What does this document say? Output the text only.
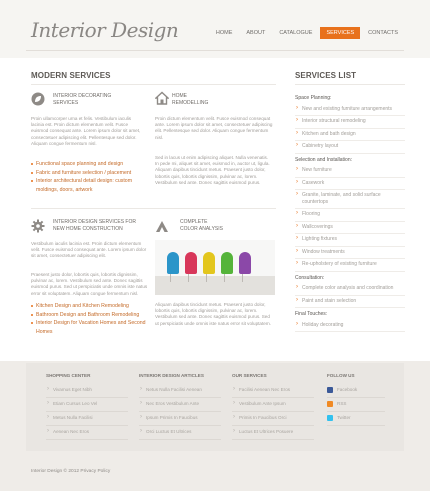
Interior Design	HOME	ABOUT	CATALOGUE	SERVICES	CONTACTS
MODERN SERVICES
INTERIOR DECORATING
SERVICES
Proin ullamcorper urna et felis. Vestibulum iaculis lacinia est. Proin dictum elementum velit. Fusce euismod consequat ante. Lorem ipsum dolor sit amet, consectetuer adipiscing elit. Pellentesque sed dolor. Aliquam congue fermentum nisl.
Functional space planning and design
Fabric and furniture selection / placement
Interior architectural detail design: custom moldings, doors, artwork
HOME
REMODELLING
Proin dictum elementum velit. Fusce euismod consequat ante. Lorem ipsum dolor sit amet, consectetuer adipiscing elit. Pellentesque sed dolor. Aliquam congue fermentum nisl.
Sed in lacus ut enim adipiscing aliquet. Nulla venenatis. In pede mi, aliquet sit amet, euismod in, auctor ut, ligula. Aliquam dapibus tincidunt metus. Praesent justo dolor, lobortis quis, lobortis dignissim, pulvinar ac, lorem. Vestibulum sed ante. Donec sagittis euismod purus.
INTERIOR DESIGN SERVICES FOR
NEW HOME CONSTRUCTION
Vestibulum iaculis lacinia est. Proin dictum elementum velit. Fusce euismod consequat ante. Lorem ipsum dolor sit amet, consectetuer adipiscing elit.
Praesent justo dolor, lobortis quis, lobortis dignissim, pulvinar ac, lorem. Vestibulum sed ante. Donec sagittis euismod purus. Sed ut perspiciatis unde omnis iste natus error sit voluptatem. Aliquam congue fermentum nisl.
Kitchen Design and Kitchen Remodeling
Bathroom Design and Bathroom Remodeling
Interior Design for Vacation Homes and Second Homes
COMPLETE
COLOR ANALYSIS
Aliquam dapibus tincidunt metus. Praesent justo dolor, lobortis quis, lobortis dignissim, pulvinar ac, lorem. Vestibulum sed ante. Donec sagittis euismod purus. Sed ut perspiciatis unde omnis iste natus error sit voluptatem.
SERVICES LIST
Space Planning:
› New and existing furniture arrangements
› Interior structural remodeling
› Kitchen and bath design
› Cabinetry layout
Selection and Installation:
› New furniture
› Casework
› Granite, laminate, and solid surface countertops
› Flooring
› Wallcoverings
› Lighting fixtures
› Window treatments
› Re-upholstery of existing furniture
Consultation:
› Complete color analysis and coordination
› Paint and stain selection
Final Touches:
› Holiday decorating
SHOPPING CENTER
› Vivamus Eget Nibh
› Etiam Cursus Leo Vel
› Metus Nulla Facilisi
› Aenean Nec Eros
INTERIOR DESIGN ARTICLES
› Netus Nulla Facilisi Aenean
› Nec Eros Vestibulum Ante
› Ipsum Primis In Faucibus
› Orci Luctus Et Ultrices
OUR SERVICES
› Facilisi Aenean Nec Eros
› Vestibulum Ante Ipsum
› Primis In Faucibus Orci
› Luctus Et Ultrices Posuere
FOLLOW US
Facebook
RSS
Twitter
Interior Design © 2012 Privacy Policy
